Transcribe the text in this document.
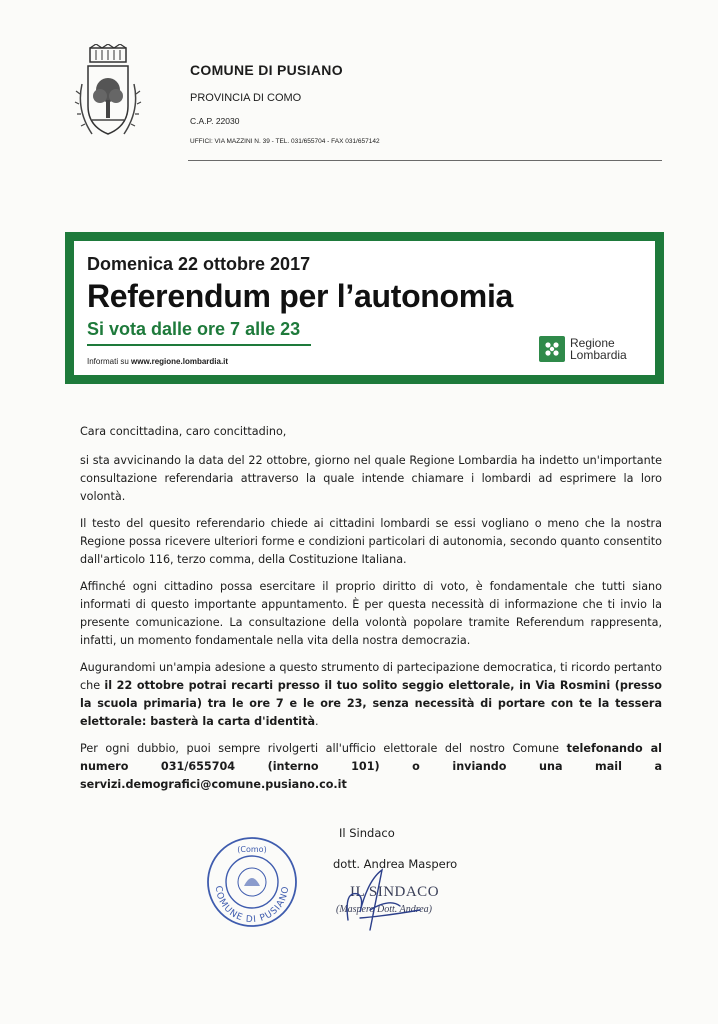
COMUNE DI PUSIANO
PROVINCIA DI COMO
C.A.P. 22030
UFFICI: VIA MAZZINI N. 39 - TEL. 031/655704 - FAX 031/657142
Domenica 22 ottobre 2017
Referendum per l’autonomia
Si vota dalle ore 7 alle 23
Informati su www.regione.lombardia.it
Regione
Lombardia

Cara concittadina, caro concittadino,

si sta avvicinando la data del 22 ottobre, giorno nel quale Regione Lombardia ha indetto un'importante consultazione referendaria attraverso la quale intende chiamare i lombardi ad esprimere la loro volontà.

Il testo del quesito referendario chiede ai cittadini lombardi se essi vogliano o meno che la nostra Regione possa ricevere ulteriori forme e condizioni particolari di autonomia, secondo quanto consentito dall'articolo 116, terzo comma, della Costituzione Italiana.

Affinché ogni cittadino possa esercitare il proprio diritto di voto, è fondamentale che tutti siano informati di questo importante appuntamento. È per questa necessità di informazione che ti invio la presente comunicazione. La consultazione della volontà popolare tramite Referendum rappresenta, infatti, un momento fondamentale nella vita della nostra democrazia.

Augurandomi un'ampia adesione a questo strumento di partecipazione democratica, ti ricordo pertanto che il 22 ottobre potrai recarti presso il tuo solito seggio elettorale, in Via Rosmini (presso la scuola primaria) tra le ore 7 e le ore 23, senza necessità di portare con te la tessera elettorale: basterà la carta d'identità.

Per ogni dubbio, puoi sempre rivolgerti all'ufficio elettorale del nostro Comune telefonando al numero 031/655704 (interno 101) o inviando una mail a servizi.demografici@comune.pusiano.co.it

(Como)
COMUNE DI PUSIANO
Il Sindaco
dott. Andrea Maspero
IL SINDACO
(Maspero Dott. Andrea)
